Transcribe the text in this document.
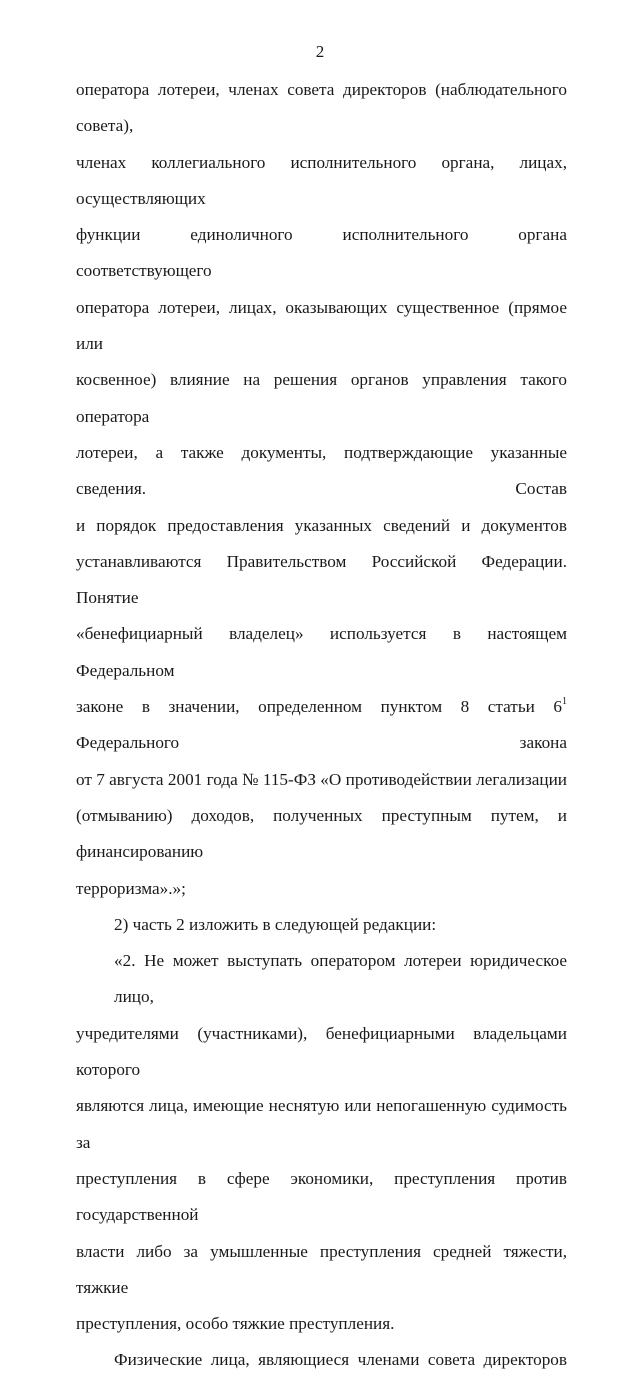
2
оператора лотереи, членах совета директоров (наблюдательного совета),
членах коллегиального исполнительного органа, лицах, осуществляющих
функции единоличного исполнительного органа соответствующего
оператора лотереи, лицах, оказывающих существенное (прямое или
косвенное) влияние на решения органов управления такого оператора
лотереи, а также документы, подтверждающие указанные сведения. Состав
и порядок предоставления указанных сведений и документов
устанавливаются Правительством Российской Федерации. Понятие
«бенефициарный владелец» используется в настоящем Федеральном
законе в значении, определенном пунктом 8 статьи $6^1$ Федерального закона
от 7 августа 2001 года № 115-ФЗ «О противодействии легализации
(отмыванию) доходов, полученных преступным путем, и финансированию
терроризма».»;
2) часть 2 изложить в следующей редакции:
«2. Не может выступать оператором лотереи юридическое лицо,
учредителями (участниками), бенефициарными владельцами которого
являются лица, имеющие неснятую или непогашенную судимость за
преступления в сфере экономики, преступления против государственной
власти либо за умышленные преступления средней тяжести, тяжкие
преступления, особо тяжкие преступления.
Физические лица, являющиеся членами совета директоров
